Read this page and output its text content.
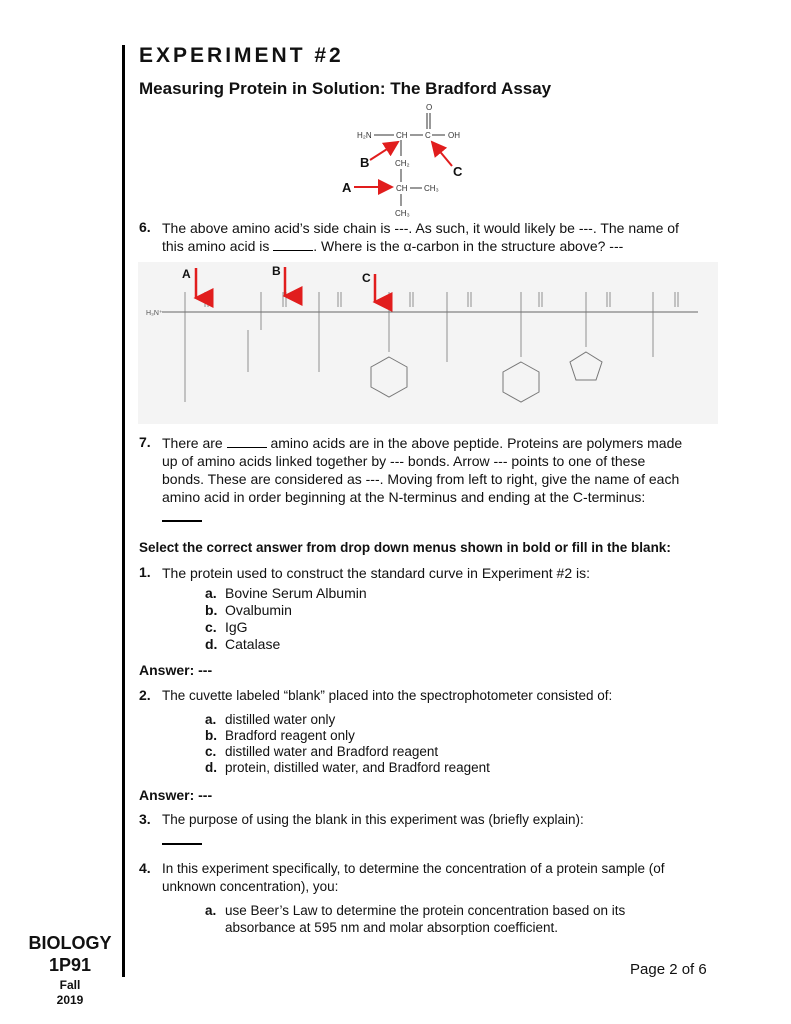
EXPERIMENT #2
Measuring Protein in Solution: The Bradford Assay
O
H₂N	CH C OH
CH₂
CH CH₃
CH₃
B
C
A
6. The above amino acid’s side chain is ---. As such, it would likely be ---. The name of
this amino acid is	. Where is the α-carbon in the structure above? ---
H₃N⁺
A	B	C
7. There are	amino acids are in the above peptide. Proteins are polymers made
up of amino acids linked together by --- bonds. Arrow --- points to one of these
bonds. These are considered as ---. Moving from left to right, give the name of each
amino acid in order beginning at the N-terminus and ending at the C-terminus:
Select the correct answer from drop down menus shown in bold or fill in the blank:
1. The protein used to construct the standard curve in Experiment #2 is:
a. Bovine Serum Albumin
b. Ovalbumin
c. IgG
d. Catalase
Answer: ---
2. The cuvette labeled “blank” placed into the spectrophotometer consisted of:
a. distilled water only
b. Bradford reagent only
c. distilled water and Bradford reagent
d. protein, distilled water, and Bradford reagent
Answer: ---
3. The purpose of using the blank in this experiment was (briefly explain):
4. In this experiment specifically, to determine the concentration of a protein sample (of
unknown concentration), you:
a. use Beer’s Law to determine the protein concentration based on its
absorbance at 595 nm and molar absorption coefficient.
BIOLOGY
1P91
Fall
2019
Page 2 of 6
